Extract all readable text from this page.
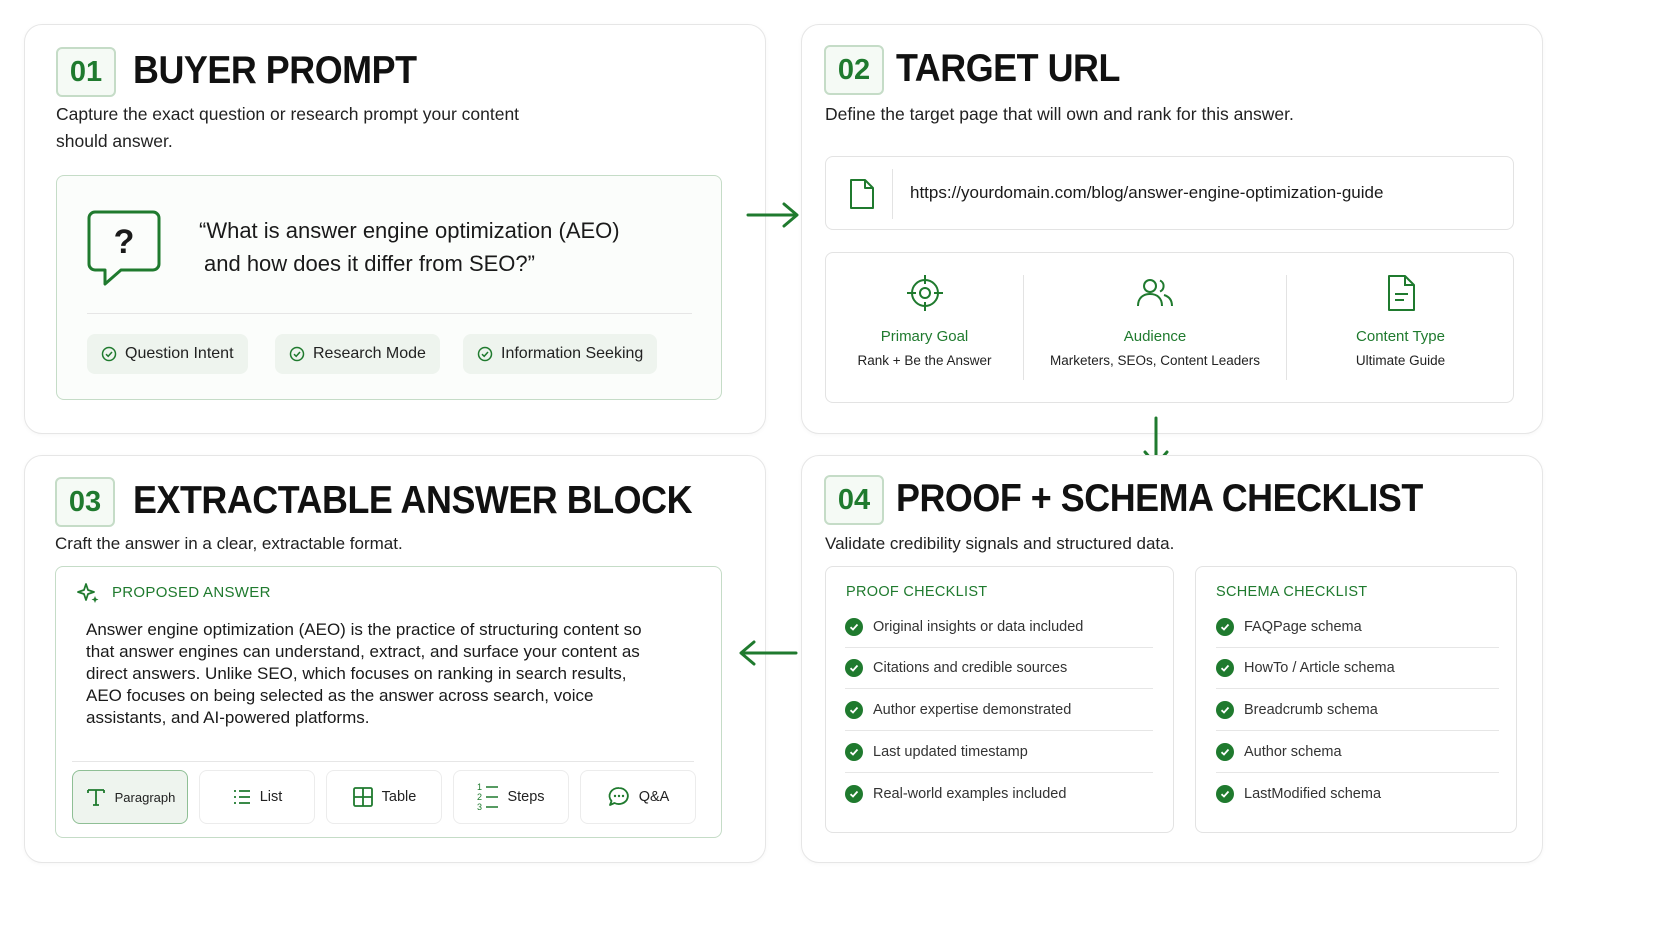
01 BUYER PROMPT
Capture the exact question or research prompt your content
should answer.
?	“What is answer engine optimization (AEO)
and how does it differ from SEO?”
Question Intent	Research Mode	Information Seeking
02 TARGET URL
Define the target page that will own and rank for this answer.
https://yourdomain.com/blog/answer-engine-optimization-guide
Primary Goal
Rank + Be the Answer
Audience
Marketers, SEOs, Content Leaders
Content Type
Ultimate Guide
03 EXTRACTABLE ANSWER BLOCK
Craft the answer in a clear, extractable format.
PROPOSED ANSWER
Answer engine optimization (AEO) is the practice of structuring content so
that answer engines can understand, extract, and surface your content as
direct answers. Unlike SEO, which focuses on ranking in search results,
AEO focuses on being selected as the answer across search, voice
assistants, and AI-powered platforms.
Paragraph	List	Table
1
2
3
Steps	Q&A
04 PROOF + SCHEMA CHECKLIST
Validate credibility signals and structured data.
PROOF CHECKLIST
Original insights or data included
Citations and credible sources
Author expertise demonstrated
Last updated timestamp
Real-world examples included
SCHEMA CHECKLIST
FAQPage schema
HowTo / Article schema
Breadcrumb schema
Author schema
LastModified schema
